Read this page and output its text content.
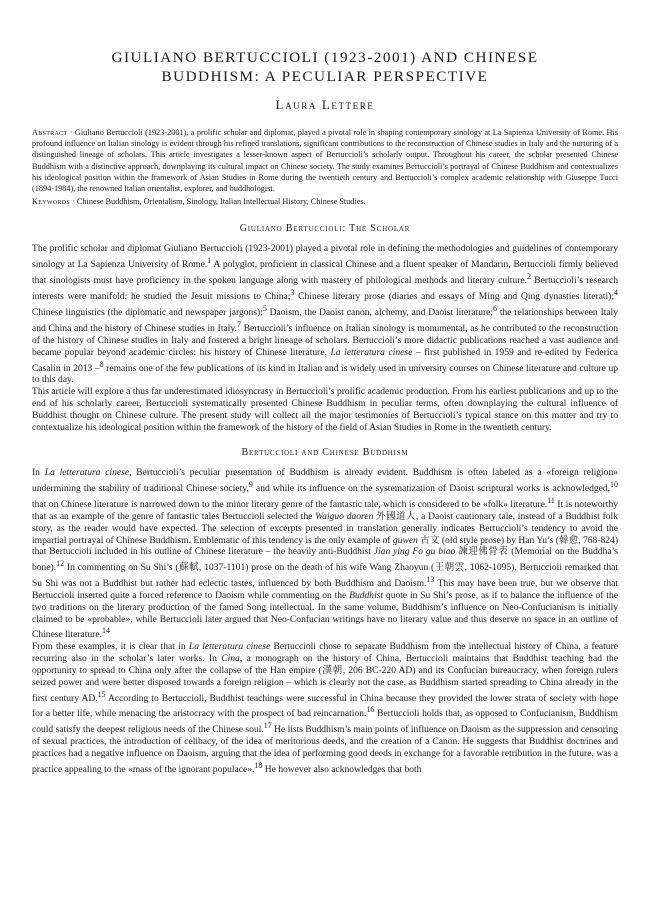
GIULIANO BERTUCCIOLI (1923-2001) AND CHINESE
BUDDHISM: A PECULIAR PERSPECTIVE
Laura Lettere

Abstract · Giuliano Bertuccioli (1923-2001), a prolific scholar and diplomat, played a pivotal role in shaping contemporary sinology at La Sapienza University of Rome. His profound influence on Italian sinology is evident through his refined translations, significant contributions to the reconstruction of Chinese studies in Italy and the nurturing of a distinguished lineage of scholars. This article investigates a lesser-known aspect of Bertuccioli’s scholarly output. Throughout his career, the scholar presented Chinese Buddhism with a distinctive approach, downplaying its cultural impact on Chinese society. The study examines Bertuccioli’s portrayal of Chinese Buddhism and contextualizes his ideological position within the framework of Asian Studies in Rome during the twentieth century and Bertuccioli’s complex academic relationship with Giuseppe Tucci (1894-1984), the renowned Italian orientalist, explorer, and buddhologist.

Keywords · Chinese Buddhism, Orientalism, Sinology, Italian Intellectual History, Chinese Studies.

Giuliano Bertuccioli: The Scholar

The prolific scholar and diplomat Giuliano Bertuccioli (1923-2001) played a pivotal role in defining the methodologies and guidelines of contemporary sinology at La Sapienza University of Rome.$^1$ A polyglot, proficient in classical Chinese and a fluent speaker of Mandarin, Bertuccioli firmly believed that sinologists must have proficiency in the spoken language along with mastery of philological methods and literary culture.$^2$ Bertuccioli’s research interests were manifold; he studied the Jesuit missions to China;$^3$ Chinese literary prose (diaries and essays of Ming and Qing dynasties literati);$^4$ Chinese linguistics (the diplomatic and newspaper jargons);$^5$ Daoism, the Daoist canon, alchemy, and Daoist literature;$^6$ the relationships between Italy and China and the history of Chinese studies in Italy.$^7$ Bertuccioli’s influence on Italian sinology is monumental, as he contributed to the reconstruction of the history of Chinese studies in Italy and fostered a bright lineage of scholars. Bertuccioli’s more didactic publications reached a vast audience and became popular beyond academic circles: his history of Chinese literature, La letteratura cinese – first published in 1959 and re-edited by Federica Casalin in 2013 –$^8$ remains one of the few publications of its kind in Italian and is widely used in university courses on Chinese literature and culture up to this day.

This article will explore a thus far underestimated idiosyncrasy in Bertuccioli’s prolific academic production. From his earliest publications and up to the end of his scholarly career, Bertuccioli systematically presented Chinese Buddhism in peculiar terms, often downplaying the cultural influence of Buddhist thought on Chinese culture. The present study will collect all the major testimonies of Bertuccioli’s typical stance on this matter and try to contextualize his ideological position within the framework of the history of the field of Asian Studies in Rome in the twentieth century.

Bertuccioli and Chinese Buddhism

In La letteratura cinese, Bertuccioli’s peculiar presentation of Buddhism is already evident. Buddhism is often labeled as a «foreign religion» undermining the stability of traditional Chinese society,$^9$ and while its influence on the systematization of Daoist scriptural works is acknowledged,$^{10}$ that on Chinese literature is narrowed down to the minor literary genre of the fantastic tale, which is considered to be «folk» literature.$^{11}$ It is noteworthy that as an example of the genre of fantastic tales Bertuccioli selected the Waiguo daoren 外國道人, a Daoist cautionary tale, instead of a Buddhist folk story, as the reader would have expected. The selection of excerpts presented in translation generally indicates Bertuccioli’s tendency to avoid the impartial portrayal of Chinese Buddhism. Emblematic of this tendency is the only example of guwen 古文 (old style prose) by Han Yu’s (韓愈, 768-824) that Bertuccioli included in his outline of Chinese literature – the heavily anti-Buddhist Jian ying Fo gu biao 諫迎佛骨表 (Memorial on the Buddha’s bone).$^{12}$ In commenting on Su Shi’s (蘇軾, 1037-1101) prose on the death of his wife Wang Zhaoyun (王朝雲, 1062-1095), Bertuccioli remarked that Su Shi was not a Buddhist but rather had eclectic tastes, influenced by both Buddhism and Daoism.$^{13}$ This may have been true, but we observe that Bertuccioli inserted quite a forced reference to Daoism while commenting on the Buddhist quote in Su Shi’s prose, as if to balance the influence of the two traditions on the literary production of the famed Song intellectual. In the same volume, Buddhism’s influence on Neo-Confucianism is initially claimed to be «probable», while Bertuccioli later argued that Neo-Confucian writings have no literary value and thus deserve no space in an outline of Chinese literature.$^{14}$

From these examples, it is clear that in La letteratura cinese Bertuccioli chose to separate Buddhism from the intellectual history of China, a feature recurring also in the scholar’s later works. In Cina, a monograph on the history of China, Bertuccioli maintains that Buddhist teaching had the opportunity to spread to China only after the collapse of the Han empire (漢朝, 206 BC-220 AD) and its Confucian bureaucracy, when foreign rulers seized power and were better disposed towards a foreign religion – which is clearly not the case, as Buddhism started spreading to China already in the first century AD.$^{15}$ According to Bertuccioli, Buddhist teachings were successful in China because they provided the lower strata of society with hope for a better life, while menacing the aristocracy with the prospect of bad reincarnation.$^{16}$ Bertuccioli holds that, as opposed to Confucianism, Buddhism could satisfy the deepest religious needs of the Chinese soul.$^{17}$ He lists Buddhism’s main points of influence on Daoism as the suppression and censoring of sexual practices, the introduction of celibacy, of the idea of meritorious deeds, and the creation of a Canon. He suggests that Buddhist doctrines and practices had a negative influence on Daoism, arguing that the idea of performing good deeds in exchange for a favorable retribution in the future, was a practice appealing to the «mass of the ignorant populace».$^{18}$ He however also acknowledges that both
